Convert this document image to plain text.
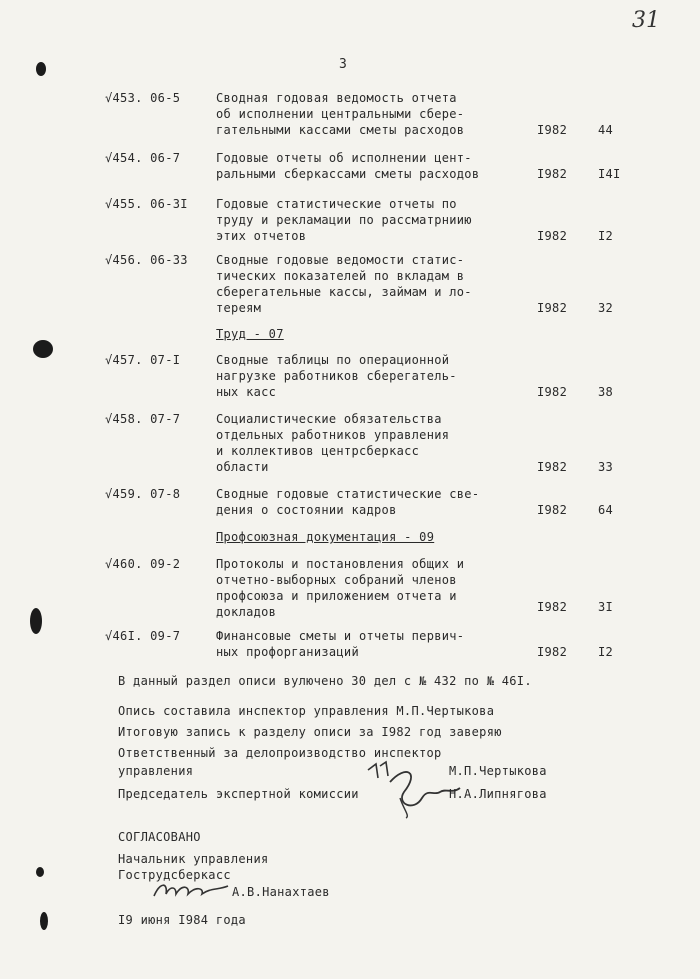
31
3
√453. 06-5	Сводная годовая ведомость отчета
об исполнении центральными сбере-
гательными кассами сметы расходов	I982	44
√454. 06-7	Годовые отчеты об исполнении цент-
ральными сберкассами сметы расходов	I982	I4I
√455. 06-3I Годовые статистические отчеты по
труду и рекламации по рассматрниию
этих отчетов	I982	I2
√456. 06-33 Сводные годовые ведомости статис-
тических показателей по вкладам в
сберегательные кассы, займам и ло-
тереям	I982	32
Труд - 07
√457. 07-I	Сводные таблицы по операционной
нагрузке работников сберегатель-
ных касс	I982	38
√458. 07-7	Социалистические обязательства
отдельных работников управления
и коллективов центрсберкасс
области	I982	33
√459. 07-8	Сводные годовые статистические све-
дения о состоянии кадров	I982	64
Профсоюзная документация - 09
√460. 09-2	Протоколы и постановления общих и
отчетно-выборных собраний членов
профсоюза и приложением отчета и
докладов	I982	3I
√46I. 09-7	Финансовые сметы и отчеты первич-
ных профорганизаций	I982	I2
В данный раздел описи вулючено 30 дел с № 432 по № 46I.
Опись составила инспектор управления М.П.Чертыкова
Итоговую запись к разделу описи за I982 год заверяю
Ответственный за делопроизводство инспектор
управления	М.П.Чертыкова
Председатель экспертной комиссии	Н.А.Липнягова
СОГЛАСОВАНО
Начальник управления
Гострудсберкасс
А.В.Нанахтаев
I9 июня I984 года
